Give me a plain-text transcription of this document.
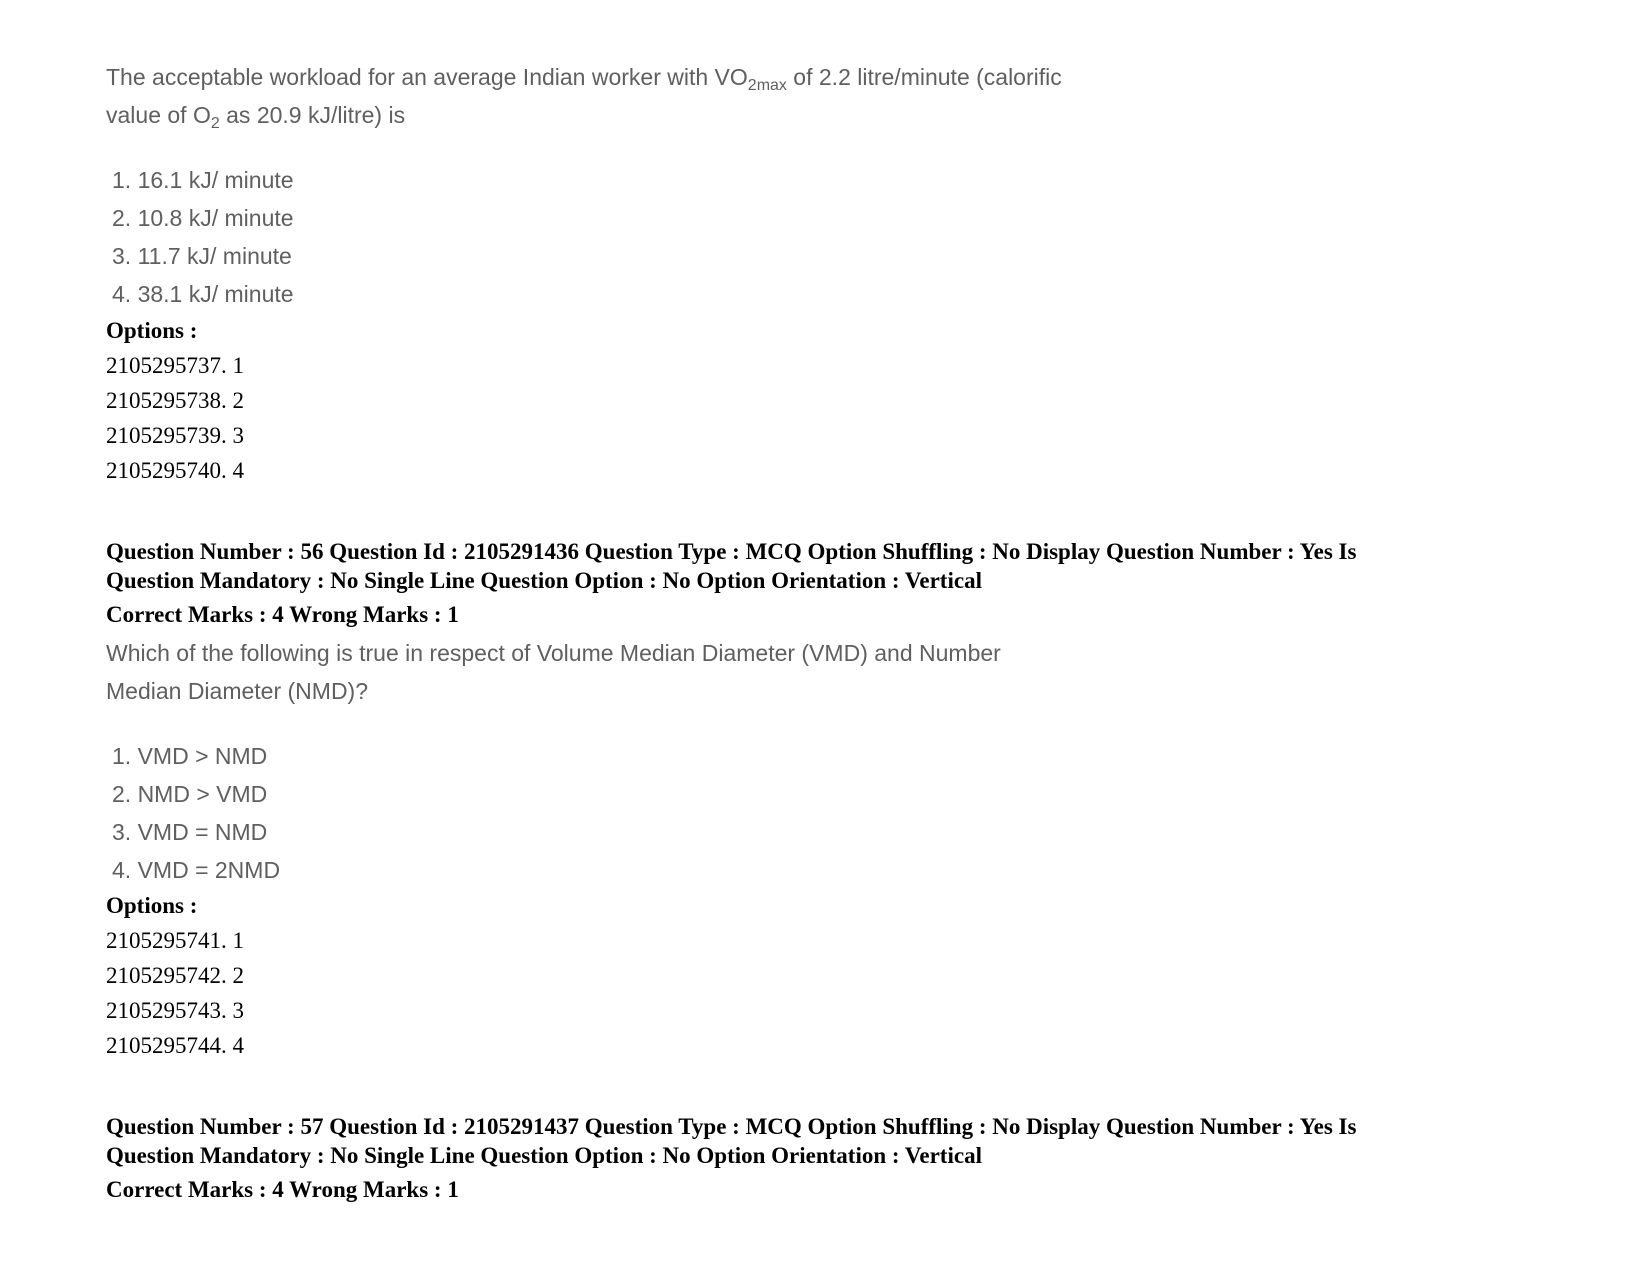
The acceptable workload for an average Indian worker with $VO_{2max}$ of 2.2 litre/minute (calorific
value of $O_2$ as 20.9 kJ/litre) is
1. 16.1 kJ/ minute
2. 10.8 kJ/ minute
3. 11.7 kJ/ minute
4. 38.1 kJ/ minute
Options :
2105295737. 1
2105295738. 2
2105295739. 3
2105295740. 4
Question Number : 56 Question Id : 2105291436 Question Type : MCQ Option Shuffling : No Display Question Number : Yes Is
Question Mandatory : No Single Line Question Option : No Option Orientation : Vertical
Correct Marks : 4 Wrong Marks : 1
Which of the following is true in respect of Volume Median Diameter (VMD) and Number
Median Diameter (NMD)?
1. VMD > NMD
2. NMD > VMD
3. VMD = NMD
4. VMD = 2NMD
Options :
2105295741. 1
2105295742. 2
2105295743. 3
2105295744. 4
Question Number : 57 Question Id : 2105291437 Question Type : MCQ Option Shuffling : No Display Question Number : Yes Is
Question Mandatory : No Single Line Question Option : No Option Orientation : Vertical
Correct Marks : 4 Wrong Marks : 1
